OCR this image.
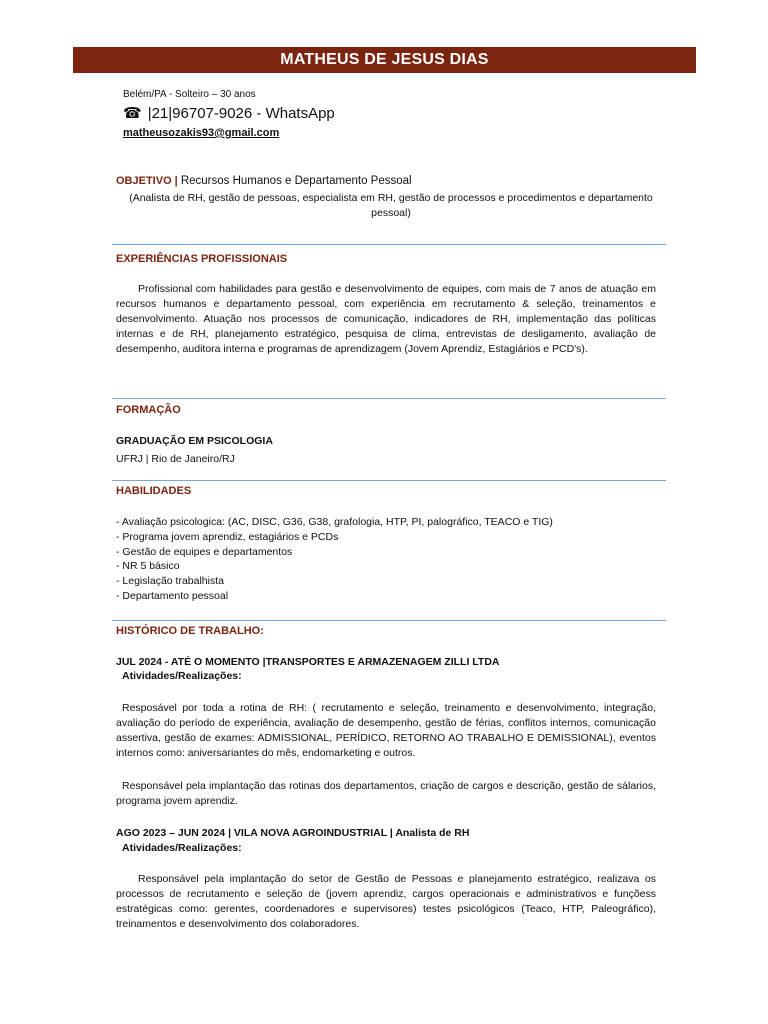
MATHEUS DE JESUS DIAS
Belém/PA - Solteiro – 30 anos
☎ |21|96707-9026 - WhatsApp
matheusozakis93@gmail.com
OBJETIVO | Recursos Humanos e Departamento Pessoal
(Analista de RH, gestão de pessoas, especialista em RH, gestão de processos e procedimentos e departamento pessoal)
EXPERIÊNCIAS PROFISSIONAIS
Profissional com habilidades para gestão e desenvolvimento de equipes, com mais de 7 anos de atuação em recursos humanos e departamento pessoal, com experiência em recrutamento & seleção, treinamentos e desenvolvimento. Atuação nos processos de comunicação, indicadores de RH, implementação das políticas internas e de RH, planejamento estratégico, pesquisa de clima, entrevistas de desligamento, avaliação de desempenho, auditora interna e programas de aprendizagem (Jovem Aprendiz, Estagiários e PCD's).
FORMAÇÃO
GRADUAÇÃO EM PSICOLOGIA
UFRJ | Rio de Janeiro/RJ
HABILIDADES
- Avaliação psicologica: (AC, DISC, G36, G38, grafologia, HTP, PI, palográfico, TEACO e TIG)
- Programa jovem aprendiz, estagiários e PCDs
- Gestão de equipes e departamentos
- NR 5 básico
- Legislação trabalhista
- Departamento pessoal
HISTÓRICO DE TRABALHO:
JUL 2024 - ATÉ O MOMENTO |TRANSPORTES E ARMAZENAGEM ZILLI LTDA
Atividades/Realizações:
Resposável por toda a rotina de RH: ( recrutamento e seleção, treinamento e desenvolvimento, integração, avaliação do período de experiência, avaliação de desempenho, gestão de férias, conflitos internos, comunicação assertiva, gestão de exames: ADMISSIONAL, PERÍDICO, RETORNO AO TRABALHO E DEMISSIONAL), eventos internos como: aniversariantes do mês, endomarketing e outros.
Responsável pela implantação das rotinas dos departamentos, criação de cargos e descrição, gestão de sálarios, programa jovem aprendiz.
AGO 2023 – JUN 2024 | VILA NOVA AGROINDUSTRIAL | Analista de RH
Atividades/Realizações:
Responsável pela implantação do setor de Gestão de Pessoas e planejamento estratégico, realizava os processos de recrutamento e seleção de (jovem aprendiz, cargos operacionais e administrativos e funçõess estratégicas como: gerentes, coordenadores e supervisores) testes psicológicos (Teaco, HTP, Paleográfico), treinamentos e desenvolvimento dos colaboradores.
